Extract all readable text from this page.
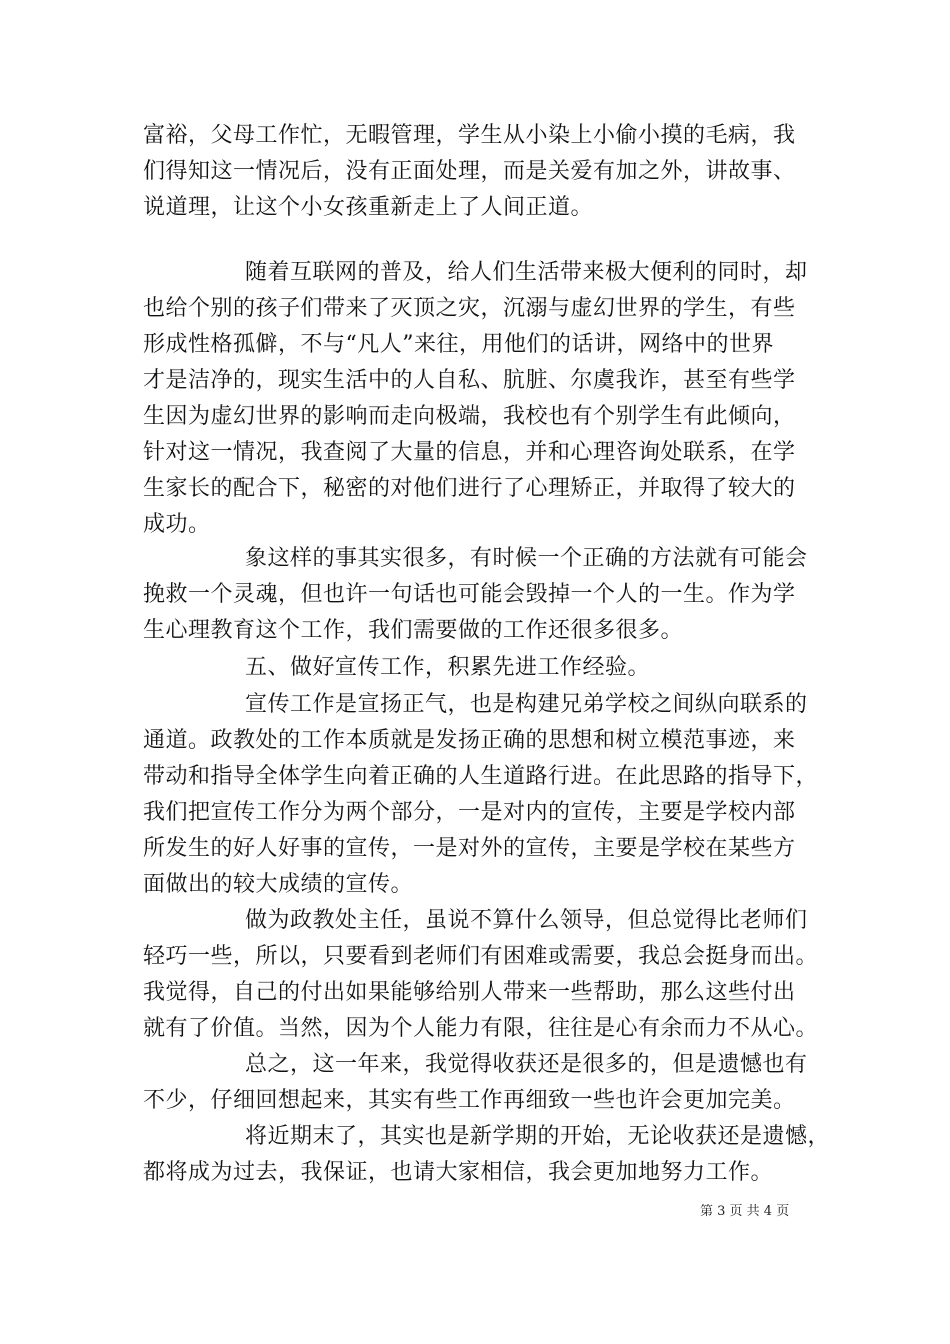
富裕，父母工作忙，无暇管理，学生从小染上小偷小摸的毛病，我
们得知这一情况后，没有正面处理，而是关爱有加之外，讲故事、
说道理，让这个小女孩重新走上了人间正道。
随着互联网的普及，给人们生活带来极大便利的同时，却
也给个别的孩子们带来了灭顶之灾，沉溺与虚幻世界的学生，有些
形成性格孤僻，不与“凡人”来往，用他们的话讲，网络中的世界
才是洁净的，现实生活中的人自私、肮脏、尔虞我诈，甚至有些学
生因为虚幻世界的影响而走向极端，我校也有个别学生有此倾向，
针对这一情况，我查阅了大量的信息，并和心理咨询处联系，在学
生家长的配合下，秘密的对他们进行了心理矫正，并取得了较大的
成功。
象这样的事其实很多，有时候一个正确的方法就有可能会
挽救一个灵魂，但也许一句话也可能会毁掉一个人的一生。作为学
生心理教育这个工作，我们需要做的工作还很多很多。
五、做好宣传工作，积累先进工作经验。
宣传工作是宣扬正气，也是构建兄弟学校之间纵向联系的
通道。政教处的工作本质就是发扬正确的思想和树立模范事迹，来
带动和指导全体学生向着正确的人生道路行进。在此思路的指导下，
我们把宣传工作分为两个部分，一是对内的宣传，主要是学校内部
所发生的好人好事的宣传，一是对外的宣传，主要是学校在某些方
面做出的较大成绩的宣传。
做为政教处主任，虽说不算什么领导，但总觉得比老师们
轻巧一些，所以，只要看到老师们有困难或需要，我总会挺身而出。
我觉得，自己的付出如果能够给别人带来一些帮助，那么这些付出
就有了价值。当然，因为个人能力有限，往往是心有余而力不从心。
总之，这一年来，我觉得收获还是很多的，但是遗憾也有
不少，仔细回想起来，其实有些工作再细致一些也许会更加完美。
将近期末了，其实也是新学期的开始，无论收获还是遗憾，
都将成为过去，我保证，也请大家相信，我会更加地努力工作。
第 3 页 共 4 页
